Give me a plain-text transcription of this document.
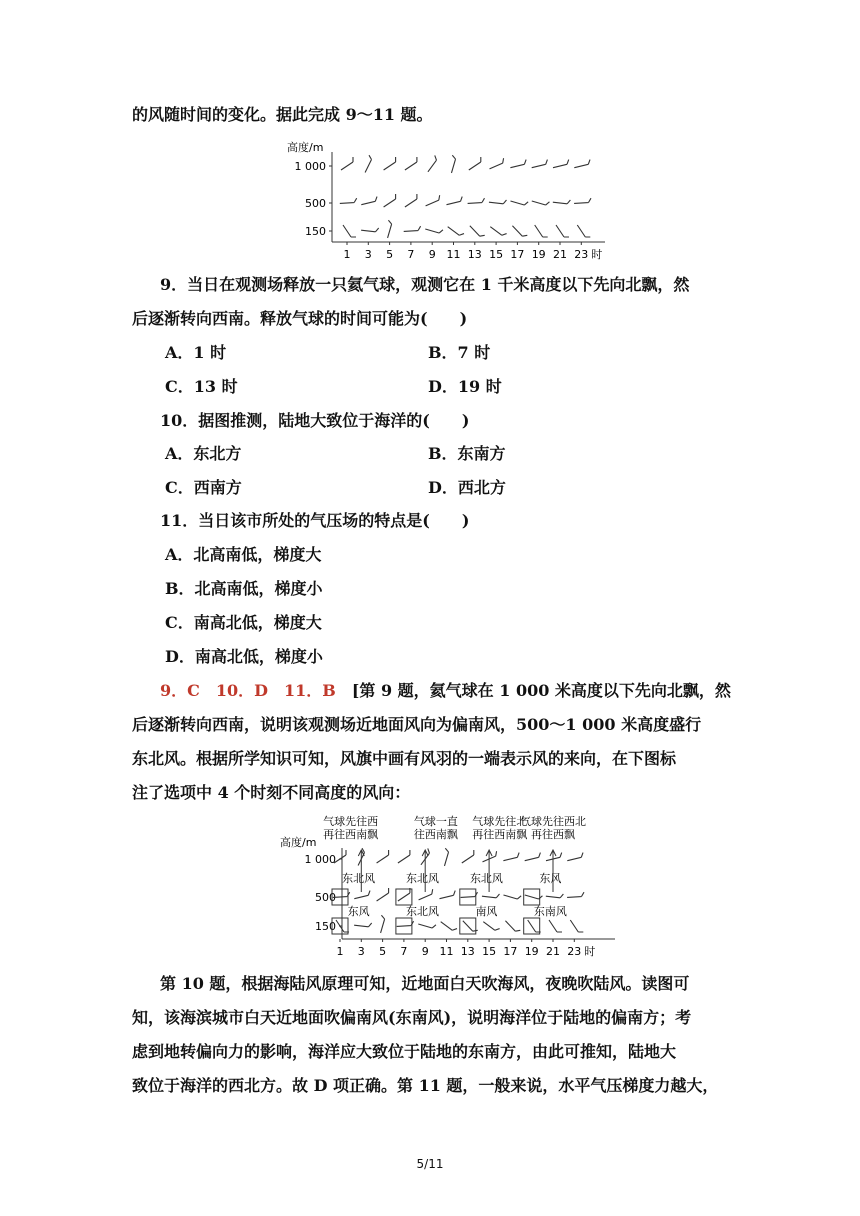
的风随时间的变化。据此完成 9～11 题。
高度/m
1 000
500
150
1 3 5 7 9 11 13 15 17 19 21 23 时
9．当日在观测场释放一只氦气球，观测它在 1 千米高度以下先向北飘，然
后逐渐转向西南。释放气球的时间可能为(　　)
A．1 时	B．7 时
C．13 时	D．19 时
10．据图推测，陆地大致位于海洋的(　　)
A．东北方	B．东南方
C．西南方	D．西北方
11．当日该市所处的气压场的特点是(　　)
A．北高南低，梯度大
B．北高南低，梯度小
C．南高北低，梯度大
D．南高北低，梯度小
9．C　10．D　11．B　 [第 9 题，氦气球在 1 000 米高度以下先向北飘，然
后逐渐转向西南，说明该观测场近地面风向为偏南风，500～1 000 米高度盛行
东北风。根据所学知识可知，风旗中画有风羽的一端表示风的来向，在下图标
注了选项中 4 个时刻不同高度的风向：
气球先往西
再往西南飘
气球一直
往西南飘
气球先往北
再往西南飘
气球先往西北
再往西飘
高度/m
1 000
500
150
1 3 5 7 9 11 13 15 17 19 21 23 时
东北风	东北风	东北风	东风
东风	东北风	南风	东南风
第 10 题，根据海陆风原理可知，近地面白天吹海风，夜晚吹陆风。读图可
知，该海滨城市白天近地面吹偏南风(东南风)，说明海洋位于陆地的偏南方；考
虑到地转偏向力的影响，海洋应大致位于陆地的东南方，由此可推知，陆地大
致位于海洋的西北方。故 D 项正确。第 11 题，一般来说，水平气压梯度力越大，
5/11
